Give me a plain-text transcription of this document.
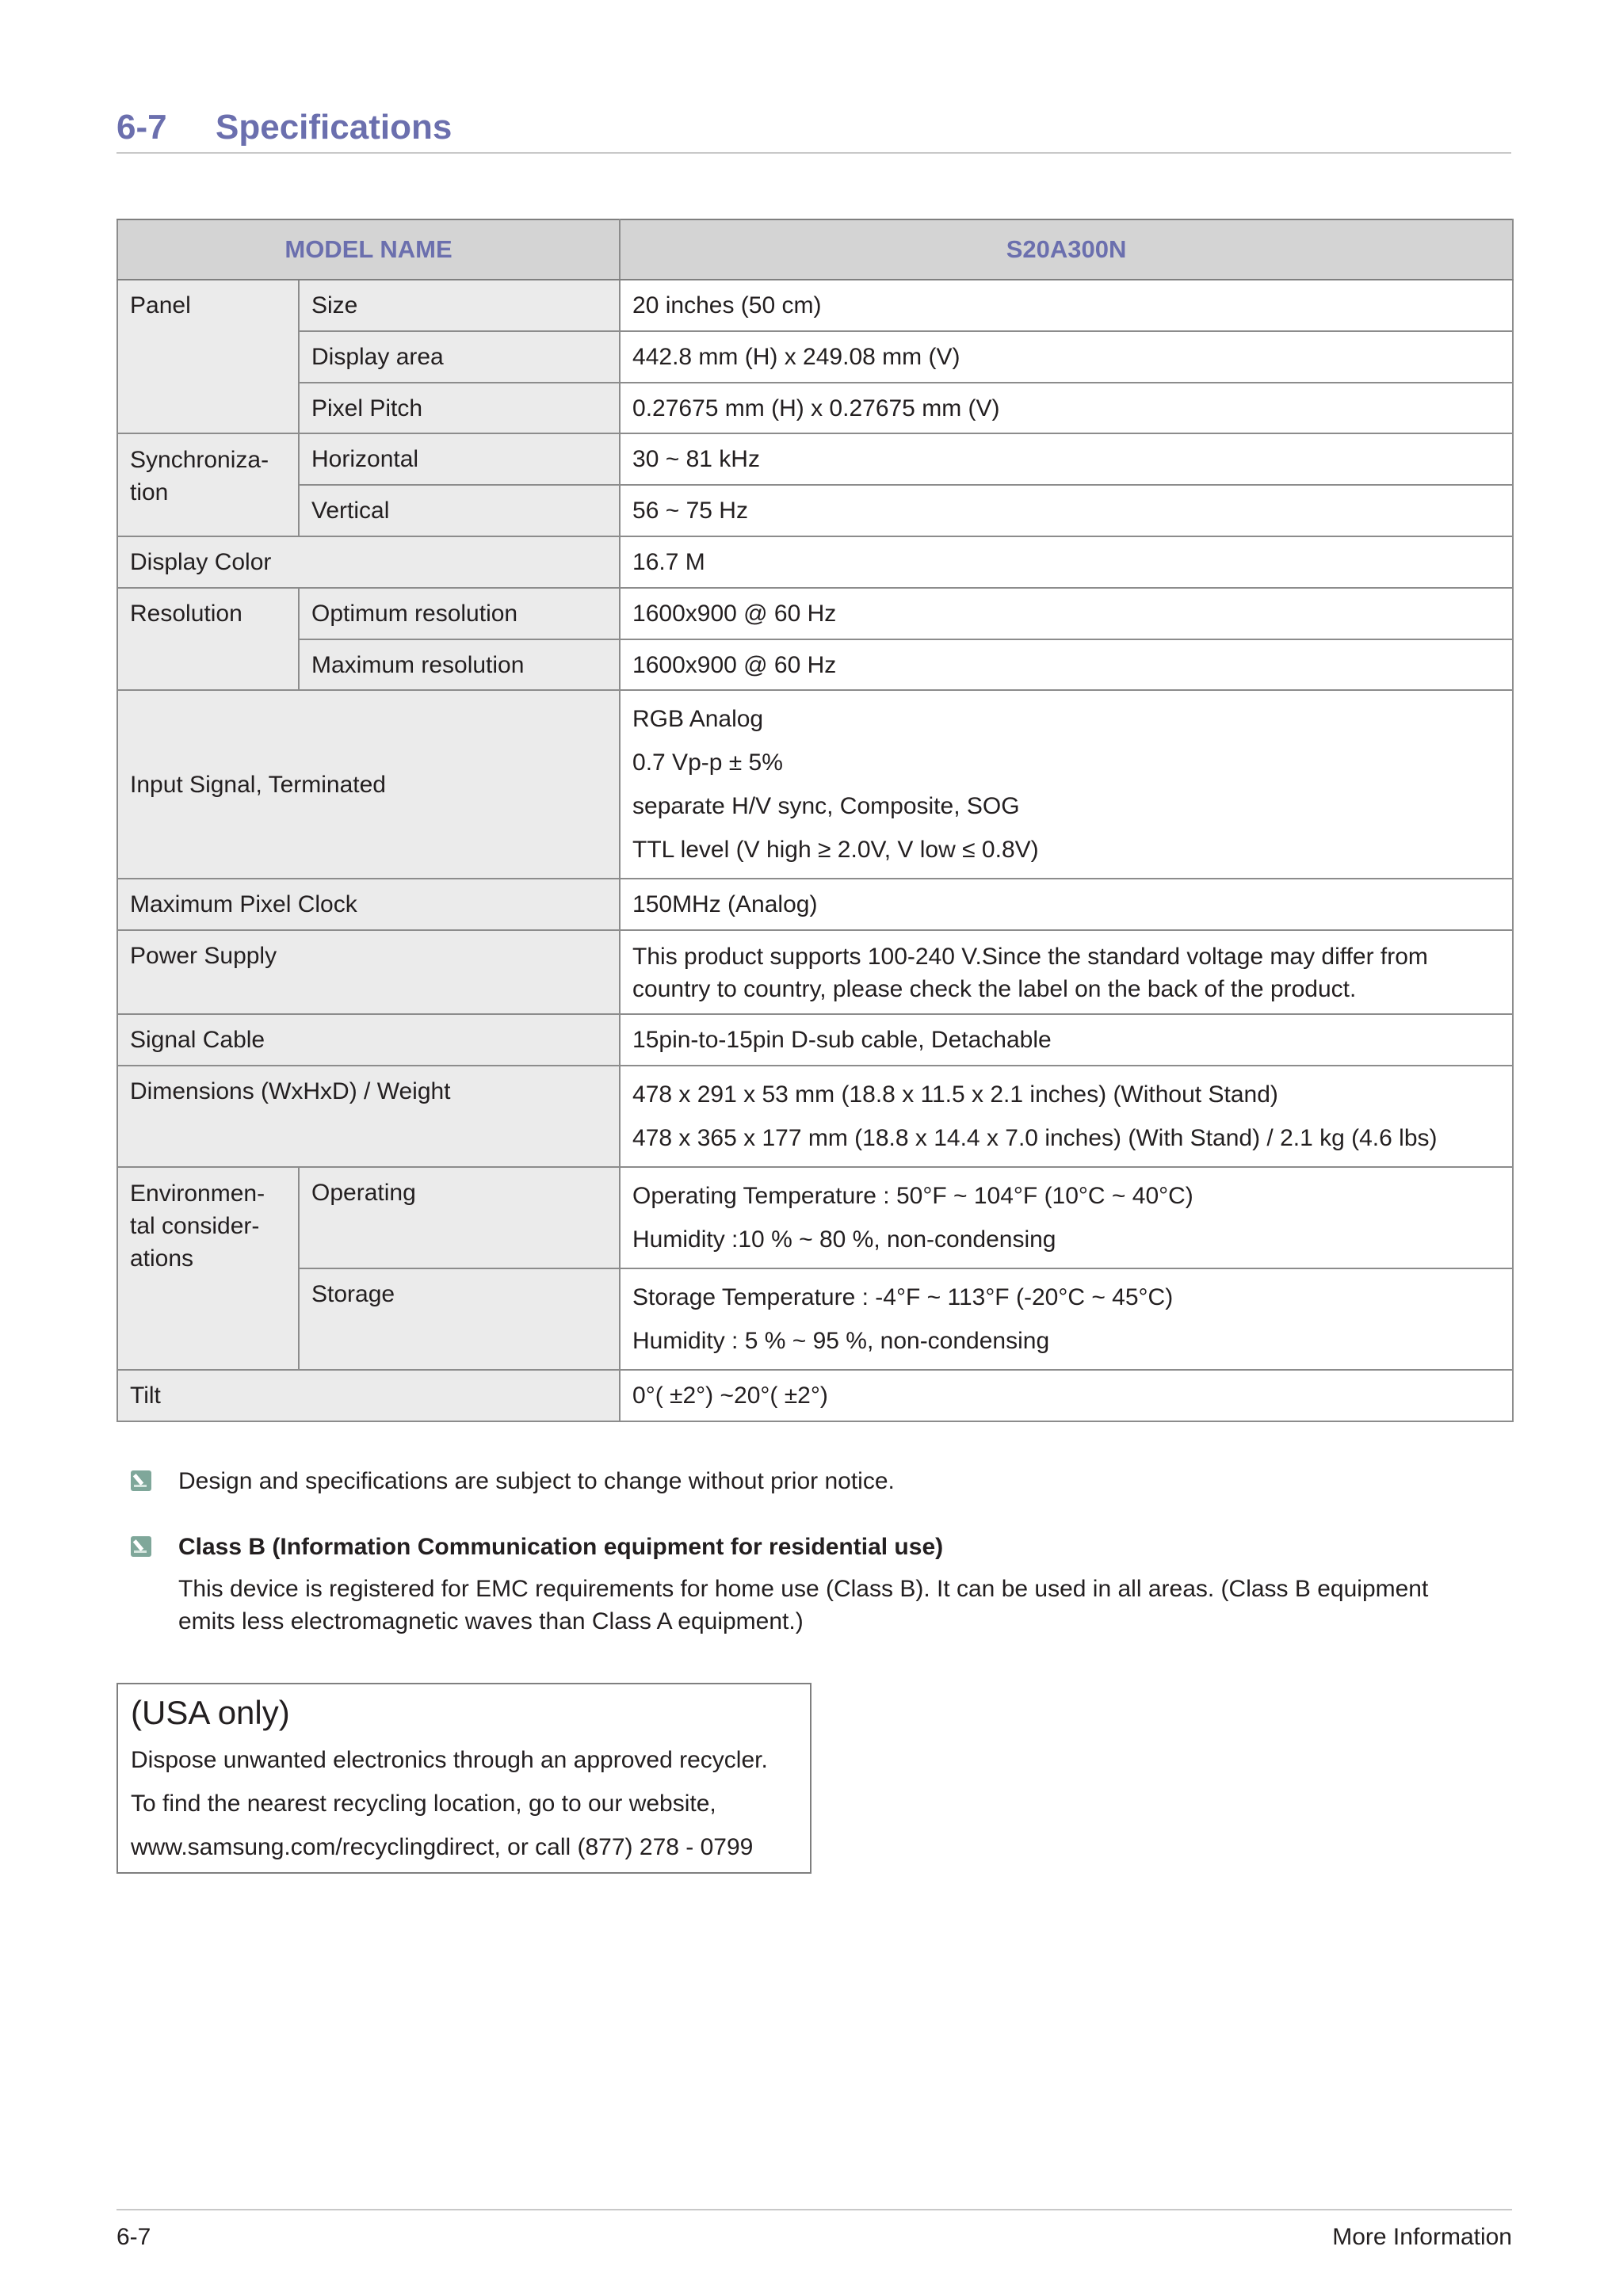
6-7 Specifications
MODEL NAME		S20A300N
Panel	Size	20 inches (50 cm)
	Display area	442.8 mm (H) x 249.08 mm (V)
	Pixel Pitch	0.27675 mm (H) x 0.27675 mm (V)

Synchroniza-
tion	Horizontal	30 ~ 81 kHz
	Vertical	56 ~ 75 Hz
Display Color		16.7 M
Resolution	Optimum resolution	1600x900 @ 60 Hz
	Maximum resolution	1600x900 @ 60 Hz
Input Signal, Terminated		RGB Analog
0.7 Vp-p ± 5%
separate H/V sync, Composite, SOG
TTL level (V high ≥ 2.0V, V low ≤ 0.8V)

Maximum Pixel Clock		150MHz (Analog)
Power Supply		This product supports 100-240 V.Since the standard voltage may differ from
country to country, please check the label on the back of the product.

Signal Cable		15pin-to-15pin D-sub cable, Detachable
Dimensions (WxHxD) / Weight		478 x 291 x 53 mm (18.8 x 11.5 x 2.1 inches) (Without Stand)
478 x 365 x 177 mm (18.8 x 14.4 x 7.0 inches) (With Stand) / 2.1 kg (4.6 lbs)

Environmen-
tal consider-
ations	Operating	Operating Temperature : 50°F ~ 104°F (10°C ~ 40°C)
Humidity :10 % ~ 80 %, non-condensing

	Storage	Storage Temperature : -4°F ~ 113°F (-20°C ~ 45°C)
Humidity : 5 % ~ 95 %, non-condensing

Tilt		0°( ±2°) ~20°( ±2°)
Design and specifications are subject to change without prior notice.
Class B (Information Communication equipment for residential use)
This device is registered for EMC requirements for home use (Class B). It can be used in all areas. (Class B equipment
emits less electromagnetic waves than Class A equipment.)
(USA only)
Dispose unwanted electronics through an approved recycler.
To find the nearest recycling location, go to our website,
www.samsung.com/recyclingdirect, or call (877) 278 - 0799
6-7	More Information
